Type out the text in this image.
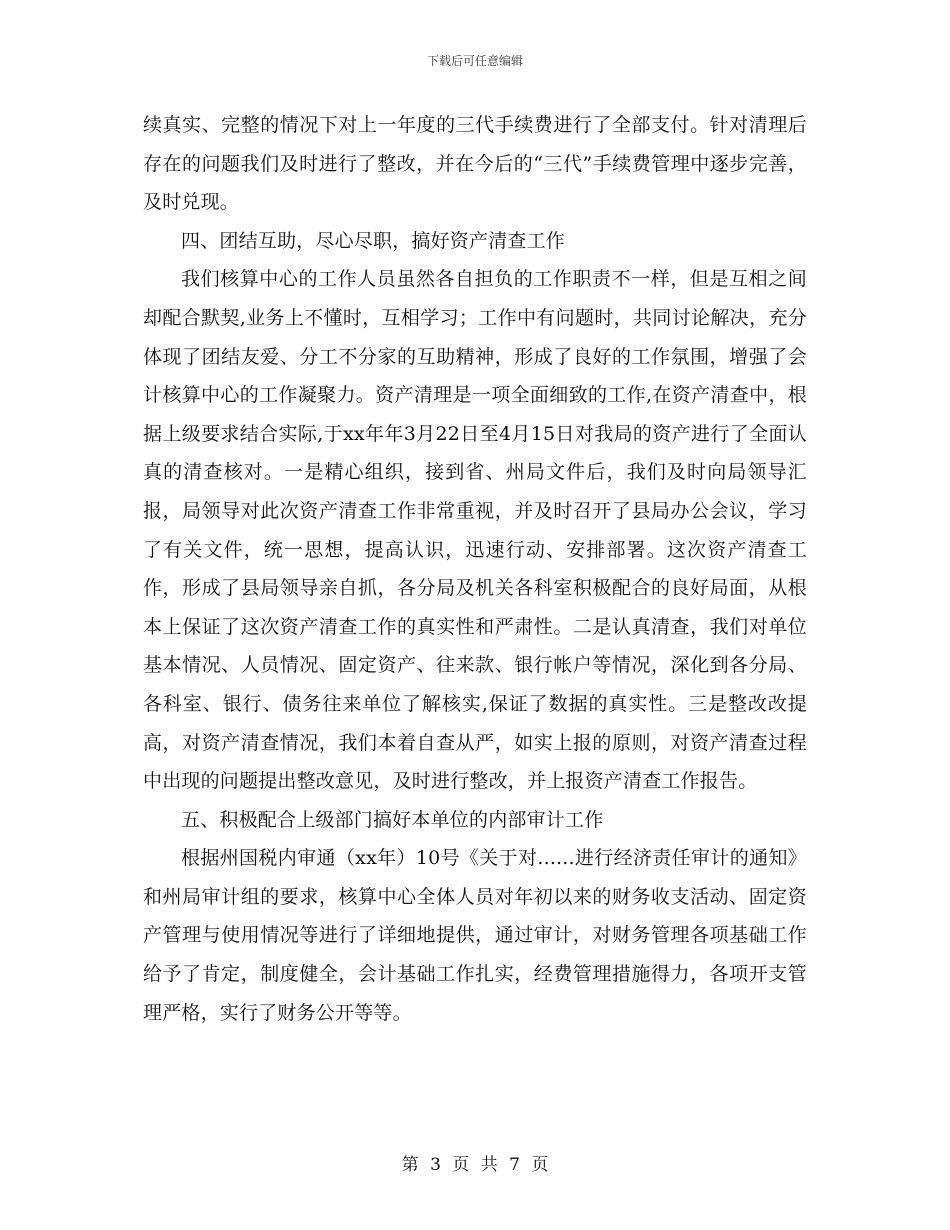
下载后可任意编辑

续真实、完整的情况下对上一年度的三代手续费进行了全部支付。针对清理后存在的问题我们及时进行了整改，并在今后的“三代”手续费管理中逐步完善，及时兑现。

四、团结互助，尽心尽职，搞好资产清查工作

我们核算中心的工作人员虽然各自担负的工作职责不一样，但是互相之间却配合默契,业务上不懂时，互相学习；工作中有问题时，共同讨论解决，充分体现了团结友爱、分工不分家的互助精神，形成了良好的工作氛围，增强了会计核算中心的工作凝聚力。资产清理是一项全面细致的工作,在资产清查中，根据上级要求结合实际,于xx年年3月22日至4月15日对我局的资产进行了全面认真的清查核对。一是精心组织，接到省、州局文件后，我们及时向局领导汇报，局领导对此次资产清查工作非常重视，并及时召开了县局办公会议，学习了有关文件，统一思想，提高认识，迅速行动、安排部署。这次资产清查工作，形成了县局领导亲自抓，各分局及机关各科室积极配合的良好局面，从根本上保证了这次资产清查工作的真实性和严肃性。二是认真清查，我们对单位基本情况、人员情况、固定资产、往来款、银行帐户等情况，深化到各分局、各科室、银行、债务往来单位了解核实,保证了数据的真实性。三是整改改提高，对资产清查情况，我们本着自查从严，如实上报的原则，对资产清查过程中出现的问题提出整改意见，及时进行整改，并上报资产清查工作报告。

五、积极配合上级部门搞好本单位的内部审计工作

根据州国税内审通（xx年）10号《关于对......进行经济责任审计的通知》和州局审计组的要求，核算中心全体人员对年初以来的财务收支活动、固定资产管理与使用情况等进行了详细地提供，通过审计，对财务管理各项基础工作给予了肯定，制度健全，会计基础工作扎实，经费管理措施得力，各项开支管理严格，实行了财务公开等等。

第 3 页 共 7 页
